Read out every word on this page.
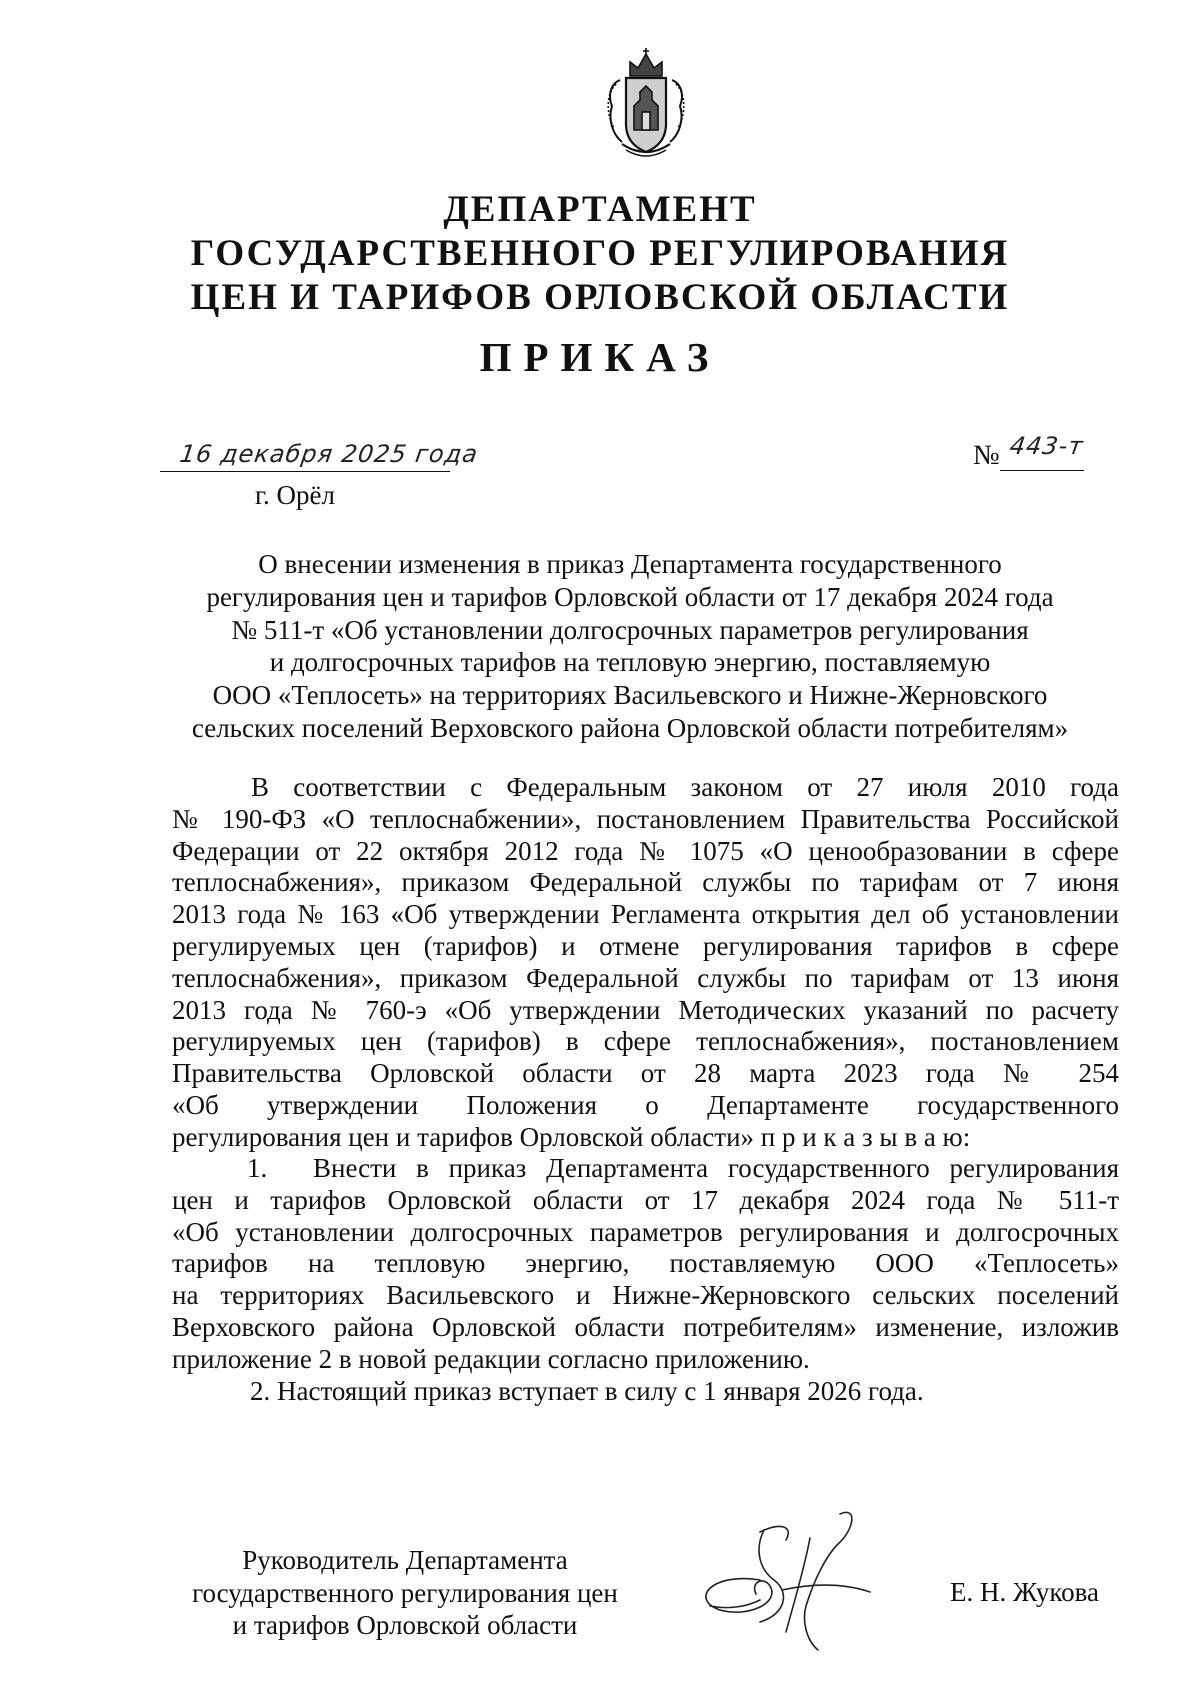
ДЕПАРТАМЕНТ
ГОСУДАРСТВЕННОГО РЕГУЛИРОВАНИЯ
ЦЕН И ТАРИФОВ ОРЛОВСКОЙ ОБЛАСТИ
ПРИКАЗ
16 декабря 2025 года
г. Орёл
№ 443-т
О внесении изменения в приказ Департамента государственного
регулирования цен и тарифов Орловской области от 17 декабря 2024 года
№ 511-т «Об установлении долгосрочных параметров регулирования
и долгосрочных тарифов на тепловую энергию, поставляемую
ООО «Теплосеть» на территориях Васильевского и Нижне-Жерновского
сельских поселений Верховского района Орловской области потребителям»
В соответствии с Федеральным законом от 27 июля 2010 года
№ 190-ФЗ «О теплоснабжении», постановлением Правительства Российской
Федерации от 22 октября 2012 года № 1075 «О ценообразовании в сфере
теплоснабжения», приказом Федеральной службы по тарифам от 7 июня
2013 года № 163 «Об утверждении Регламента открытия дел об установлении
регулируемых цен (тарифов) и отмене регулирования тарифов в сфере
теплоснабжения», приказом Федеральной службы по тарифам от 13 июня
2013 года № 760-э «Об утверждении Методических указаний по расчету
регулируемых цен (тарифов) в сфере теплоснабжения», постановлением
Правительства Орловской области от 28 марта 2023 года № 254
«Об утверждении Положения о Департаменте государственного
регулирования цен и тарифов Орловской области» п р и к а з ы в а ю:
1. Внести в приказ Департамента государственного регулирования
цен и тарифов Орловской области от 17 декабря 2024 года № 511-т
«Об установлении долгосрочных параметров регулирования и долгосрочных
тарифов на тепловую энергию, поставляемую ООО «Теплосеть»
на территориях Васильевского и Нижне-Жерновского сельских поселений
Верховского района Орловской области потребителям» изменение, изложив
приложение 2 в новой редакции согласно приложению.
2. Настоящий приказ вступает в силу с 1 января 2026 года.
Руководитель Департамента
государственного регулирования цен
и тарифов Орловской области
Е. Н. Жукова
